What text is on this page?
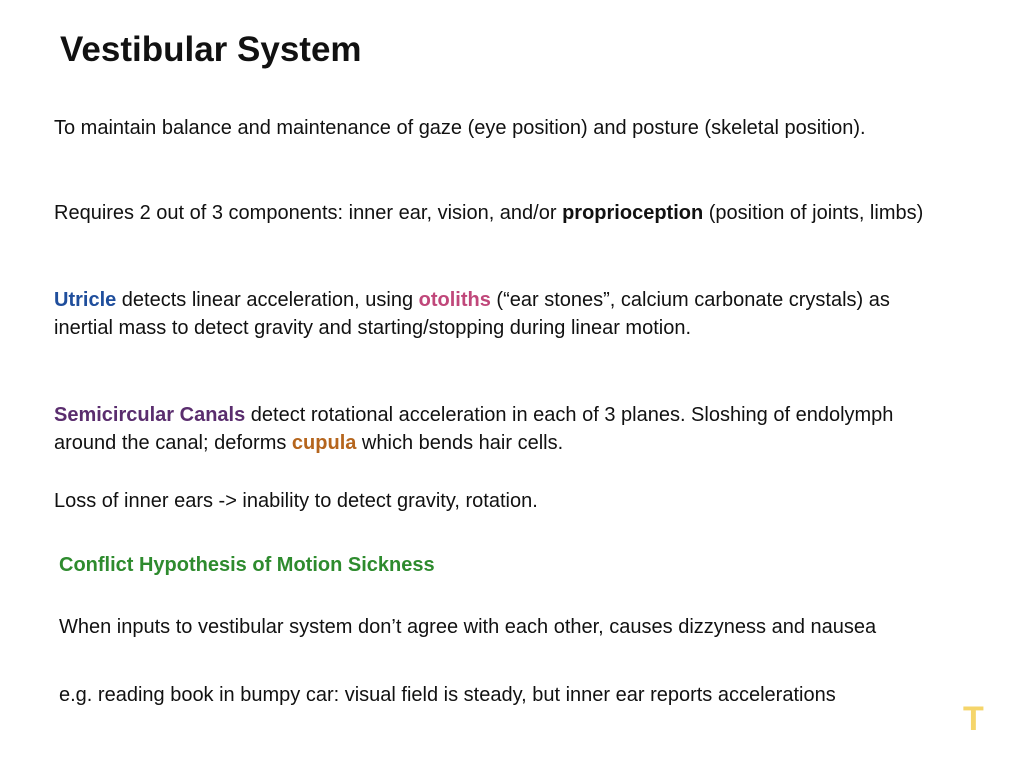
Vestibular System

To maintain balance and maintenance of gaze (eye position) and posture (skeletal position).

Requires 2 out of 3 components: inner ear, vision, and/or proprioception (position of joints, limbs)

Utricle detects linear acceleration, using otoliths (“ear stones”, calcium carbonate crystals) as inertial mass to detect gravity and starting/stopping during linear motion.

Semicircular Canals detect rotational acceleration in each of 3 planes. Sloshing of endolymph around the canal; deforms cupula which bends hair cells.

Loss of inner ears -> inability to detect gravity, rotation.

Conflict Hypothesis of Motion Sickness

When inputs to vestibular system don’t agree with each other, causes dizzyness and nausea

e.g. reading book in bumpy car: visual field is steady, but inner ear reports accelerations

T
